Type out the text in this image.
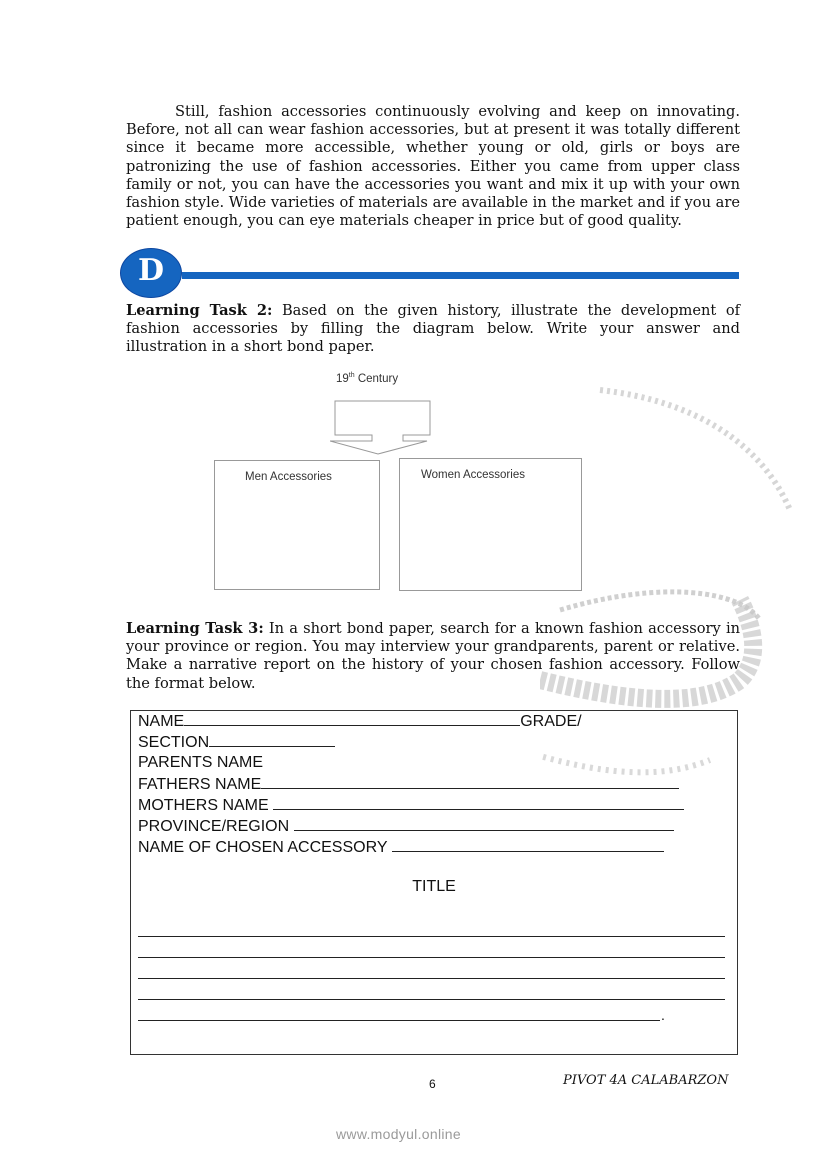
Still, fashion accessories continuously evolving and keep on innovating. Before, not all can wear fashion accessories, but at present it was totally different since it became more accessible, whether young or old, girls or boys are patronizing the use of fashion accessories. Either you came from upper class family or not, you can have the accessories you want and mix it up with your own fashion style. Wide varieties of materials are available in the market and if you are patient enough, you can eye materials cheaper in price but of good quality.
D
Learning Task 2: Based on the given history, illustrate the development of fashion accessories by filling the diagram below. Write your answer and illustration in a short bond paper.
19th Century
Men Accessories	Women Accessories
Learning Task 3: In a short bond paper, search for a known fashion accessory in your province or region. You may interview your grandparents, parent or relative. Make a narrative report on the history of your chosen fashion accessory. Follow the format below.
NAME	GRADE/
SECTION
PARENTS NAME
FATHERS NAME
MOTHERS NAME
PROVINCE/REGION
NAME OF CHOSEN ACCESSORY
TITLE
.
6	PIVOT 4A CALABARZON
www.modyul.online
